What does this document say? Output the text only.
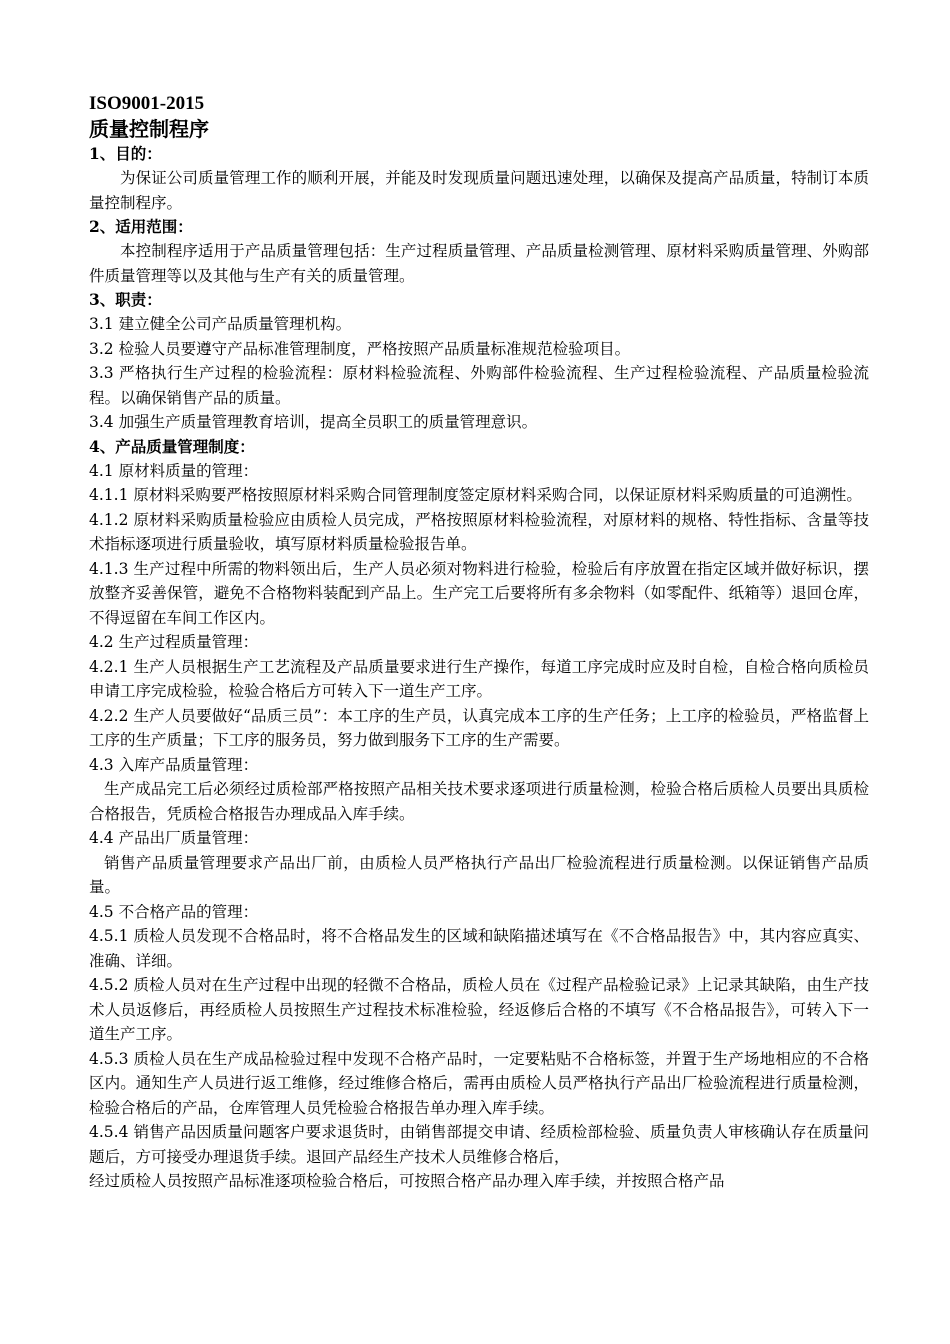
ISO9001-2015

质量控制程序

1、目的：

为保证公司质量管理工作的顺利开展，并能及时发现质量问题迅速处理，以确保及提高产品质量，特制订本质量控制程序。

2、适用范围：

本控制程序适用于产品质量管理包括：生产过程质量管理、产品质量检测管理、原材料采购质量管理、外购部件质量管理等以及其他与生产有关的质量管理。

3、职责：

3.1 建立健全公司产品质量管理机构。

3.2 检验人员要遵守产品标准管理制度，严格按照产品质量标准规范检验项目。

3.3 严格执行生产过程的检验流程：原材料检验流程、外购部件检验流程、生产过程检验流程、产品质量检验流程。以确保销售产品的质量。

3.4 加强生产质量管理教育培训，提高全员职工的质量管理意识。

4、产品质量管理制度：

4.1 原材料质量的管理：

4.1.1 原材料采购要严格按照原材料采购合同管理制度签定原材料采购合同，以保证原材料采购质量的可追溯性。

4.1.2 原材料采购质量检验应由质检人员完成，严格按照原材料检验流程，对原材料的规格、特性指标、含量等技术指标逐项进行质量验收，填写原材料质量检验报告单。

4.1.3 生产过程中所需的物料领出后，生产人员必须对物料进行检验，检验后有序放置在指定区域并做好标识，摆放整齐妥善保管，避免不合格物料装配到产品上。生产完工后要将所有多余物料（如零配件、纸箱等）退回仓库，不得逗留在车间工作区内。

4.2 生产过程质量管理：

4.2.1 生产人员根据生产工艺流程及产品质量要求进行生产操作，每道工序完成时应及时自检，自检合格向质检员申请工序完成检验，检验合格后方可转入下一道生产工序。

4.2.2 生产人员要做好“品质三员”：本工序的生产员，认真完成本工序的生产任务；上工序的检验员，严格监督上工序的生产质量；下工序的服务员，努力做到服务下工序的生产需要。

4.3 入库产品质量管理：

生产成品完工后必须经过质检部严格按照产品相关技术要求逐项进行质量检测，检验合格后质检人员要出具质检合格报告，凭质检合格报告办理成品入库手续。

4.4 产品出厂质量管理：

销售产品质量管理要求产品出厂前，由质检人员严格执行产品出厂检验流程进行质量检测。以保证销售产品质量。

4.5 不合格产品的管理：

4.5.1 质检人员发现不合格品时，将不合格品发生的区域和缺陷描述填写在《不合格品报告》中，其内容应真实、准确、详细。

4.5.2 质检人员对在生产过程中出现的轻微不合格品，质检人员在《过程产品检验记录》上记录其缺陷，由生产技术人员返修后，再经质检人员按照生产过程技术标准检验，经返修后合格的不填写《不合格品报告》，可转入下一道生产工序。

4.5.3 质检人员在生产成品检验过程中发现不合格产品时，一定要粘贴不合格标签，并置于生产场地相应的不合格区内。通知生产人员进行返工维修，经过维修合格后，需再由质检人员严格执行产品出厂检验流程进行质量检测，检验合格后的产品，仓库管理人员凭检验合格报告单办理入库手续。

4.5.4 销售产品因质量问题客户要求退货时，由销售部提交申请、经质检部检验、质量负责人审核确认存在质量问题后，方可接受办理退货手续。退回产品经生产技术人员维修合格后，

经过质检人员按照产品标准逐项检验合格后，可按照合格产品办理入库手续，并按照合格产品
